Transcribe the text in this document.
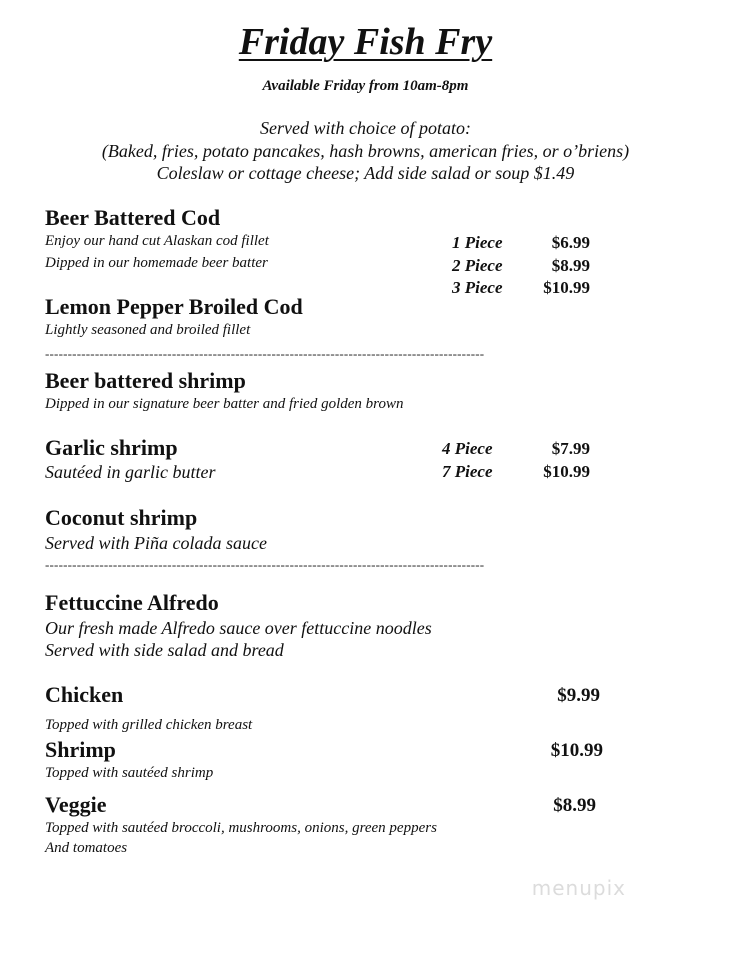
Friday Fish Fry
Available Friday from 10am-8pm
Served with choice of potato:
(Baked, fries, potato pancakes, hash browns, american fries, or o’briens)
Coleslaw or cottage cheese; Add side salad or soup $1.49
Beer Battered Cod
Enjoy our hand cut Alaskan cod fillet
Dipped in our homemade beer batter
1 Piece	$6.99
2 Piece	$8.99
3 Piece	$10.99
Lemon Pepper Broiled Cod
Lightly seasoned and broiled fillet
-------------------------------------------------------------------------------------------------
Beer battered shrimp
Dipped in our signature beer batter and fried golden brown
Garlic shrimp
Sautéed in garlic butter
4 Piece	$7.99
7 Piece	$10.99
Coconut shrimp
Served with Piña colada sauce
-------------------------------------------------------------------------------------------------
Fettuccine Alfredo
Our fresh made Alfredo sauce over fettuccine noodles
Served with side salad and bread
Chicken	$9.99
Topped with grilled chicken breast
Shrimp	$10.99
Topped with sautéed shrimp
Veggie	$8.99
Topped with sautéed broccoli, mushrooms, onions, green peppers
And tomatoes
menupix
